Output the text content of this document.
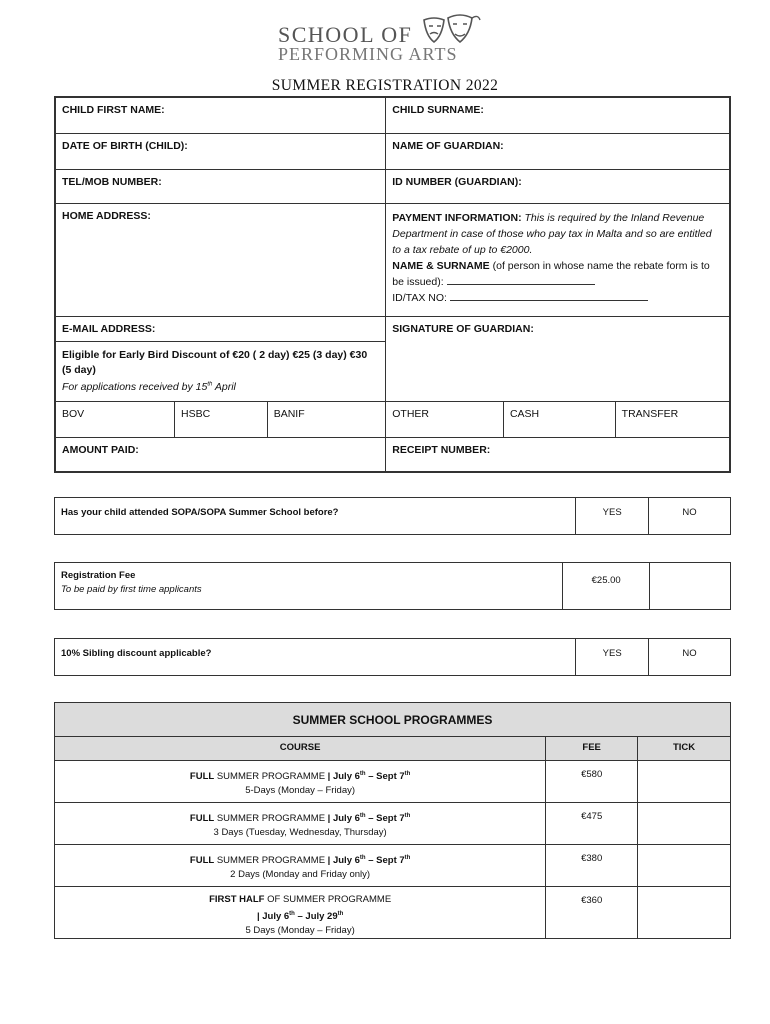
SCHOOL OF
PERFORMING ARTS
SUMMER REGISTRATION 2022
CHILD FIRST NAME:			CHILD SURNAME:		
DATE OF BIRTH (CHILD):			NAME OF GUARDIAN:		
TEL/MOB NUMBER:			ID NUMBER (GUARDIAN):		
HOME ADDRESS:			PAYMENT INFORMATION: This is required by the Inland Revenue Department in case of those who pay tax in Malta and so are entitled to a tax rebate of up to €2000.
NAME & SURNAME (of person in whose name the rebate form is to be issued):
ID/TAX NO:		
E-MAIL ADDRESS:			SIGNATURE OF GUARDIAN:		
Eligible for Early Bird Discount of €20 ( 2 day) €25 (3 day) €30 (5 day)
For applications received by 15th April					
BOV	HSBC	BANIF	OTHER	CASH	TRANSFER
AMOUNT PAID:			RECEIPT NUMBER:		
Has your child attended SOPA/SOPA Summer School before?	YES	NO
Registration Fee
To be paid by first time applicants	€25.00	
10% Sibling discount applicable?	YES	NO
SUMMER SCHOOL PROGRAMMES		
COURSE	FEE	TICK
FULL SUMMER PROGRAMME | July 6th – Sept 7th
5-Days (Monday – Friday)	€580	
FULL SUMMER PROGRAMME | July 6th – Sept 7th
3 Days (Tuesday, Wednesday, Thursday)	€475	
FULL SUMMER PROGRAMME | July 6th – Sept 7th
2 Days (Monday and Friday only)	€380	
FIRST HALF OF SUMMER PROGRAMME
| July 6th – July 29th
5 Days (Monday – Friday)	€360	
